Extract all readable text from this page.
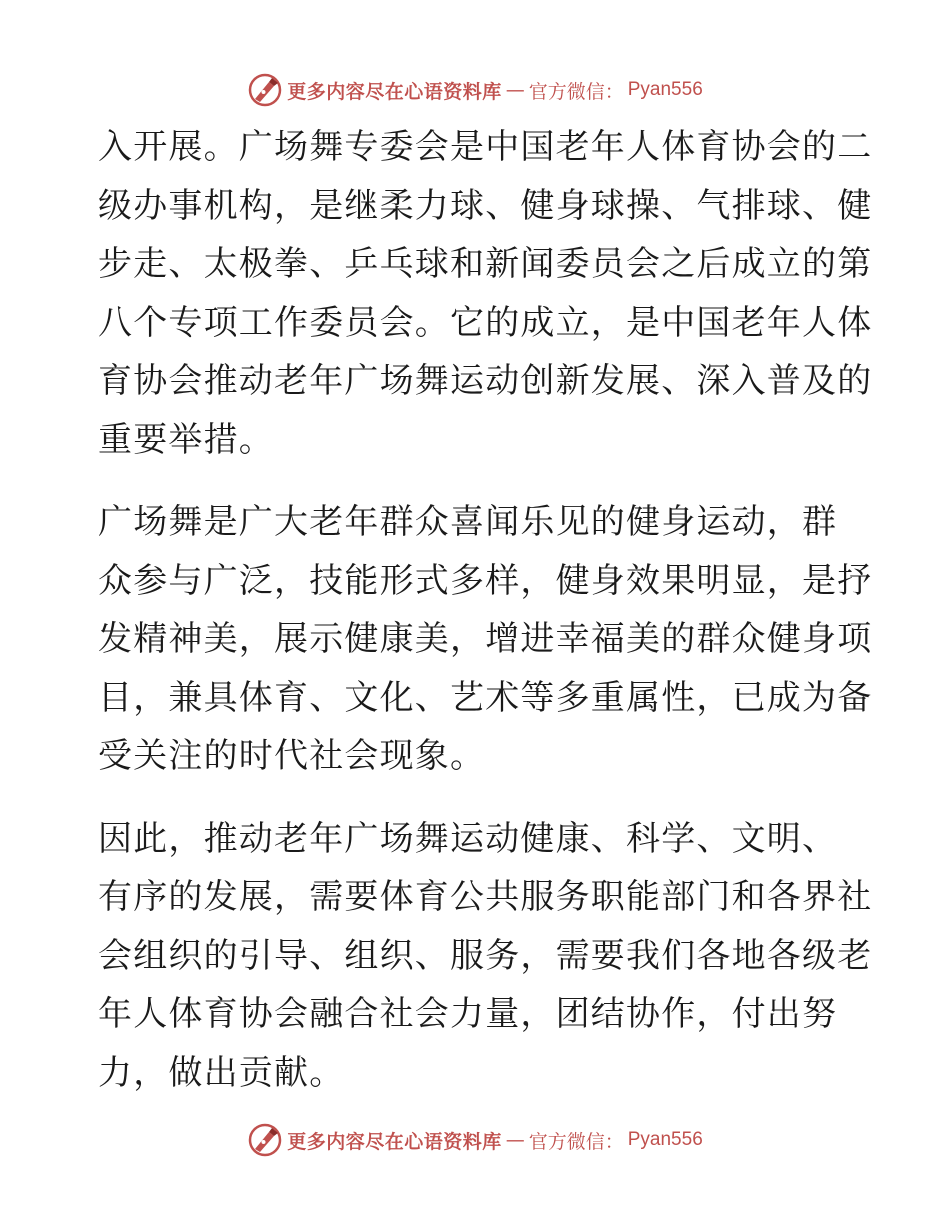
更多内容尽在心语资料库 — 官方微信： Pyan556

入开展。广场舞专委会是中国老年人体育协会的二
级办事机构，是继柔力球、健身球操、气排球、健
步走、太极拳、乒乓球和新闻委员会之后成立的第
八个专项工作委员会。它的成立，是中国老年人体
育协会推动老年广场舞运动创新发展、深入普及的
重要举措。

广场舞是广大老年群众喜闻乐见的健身运动，群
众参与广泛，技能形式多样，健身效果明显，是抒
发精神美，展示健康美，增进幸福美的群众健身项
目，兼具体育、文化、艺术等多重属性，已成为备
受关注的时代社会现象。

因此，推动老年广场舞运动健康、科学、文明、
有序的发展，需要体育公共服务职能部门和各界社
会组织的引导、组织、服务，需要我们各地各级老
年人体育协会融合社会力量，团结协作，付出努
力，做出贡献。

更多内容尽在心语资料库 — 官方微信： Pyan556
